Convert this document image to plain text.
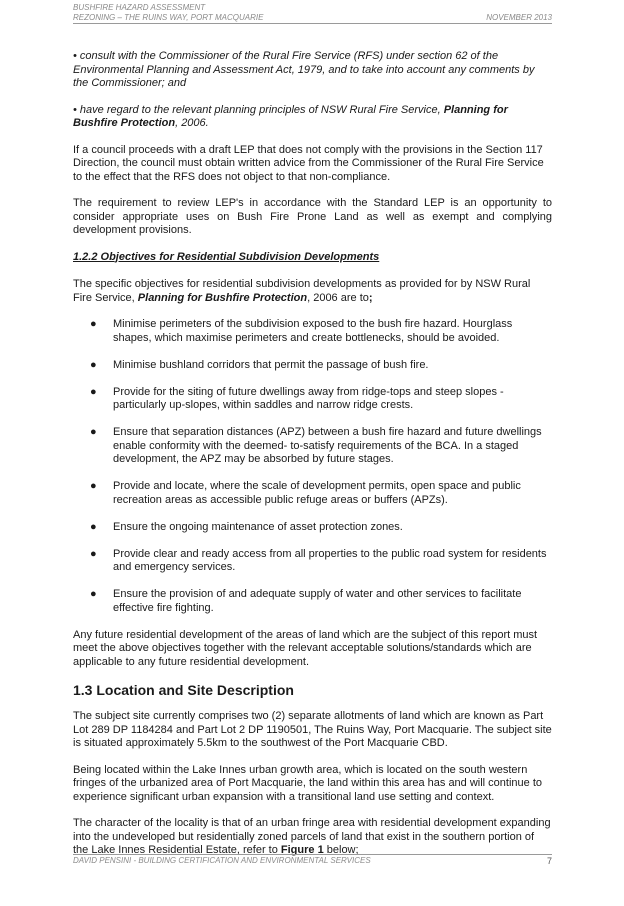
BUSHFIRE HAZARD ASSESSMENT
REZONING – THE RUINS WAY, PORT MACQUARIE	NOVEMBER 2013

• consult with the Commissioner of the Rural Fire Service (RFS) under section 62 of the Environmental Planning and Assessment Act, 1979, and to take into account any comments by the Commissioner; and

• have regard to the relevant planning principles of NSW Rural Fire Service, Planning for Bushfire Protection, 2006.

If a council proceeds with a draft LEP that does not comply with the provisions in the Section 117 Direction, the council must obtain written advice from the Commissioner of the Rural Fire Service to the effect that the RFS does not object to that non-compliance.

The requirement to review LEP's in accordance with the Standard LEP is an opportunity to consider appropriate uses on Bush Fire Prone Land as well as exempt and complying development provisions.

1.2.2 Objectives for Residential Subdivision Developments

The specific objectives for residential subdivision developments as provided for by NSW Rural Fire Service, Planning for Bushfire Protection, 2006 are to;

● Minimise perimeters of the subdivision exposed to the bush fire hazard. Hourglass shapes, which maximise perimeters and create bottlenecks, should be avoided.
● Minimise bushland corridors that permit the passage of bush fire.
● Provide for the siting of future dwellings away from ridge-tops and steep slopes - particularly up-slopes, within saddles and narrow ridge crests.
● Ensure that separation distances (APZ) between a bush fire hazard and future dwellings enable conformity with the deemed- to-satisfy requirements of the BCA. In a staged development, the APZ may be absorbed by future stages.
● Provide and locate, where the scale of development permits, open space and public recreation areas as accessible public refuge areas or buffers (APZs).
● Ensure the ongoing maintenance of asset protection zones.
● Provide clear and ready access from all properties to the public road system for residents and emergency services.
● Ensure the provision of and adequate supply of water and other services to facilitate effective fire fighting.

Any future residential development of the areas of land which are the subject of this report must meet the above objectives together with the relevant acceptable solutions/standards which are applicable to any future residential development.

1.3 Location and Site Description

The subject site currently comprises two (2) separate allotments of land which are known as Part Lot 289 DP 1184284 and Part Lot 2 DP 1190501, The Ruins Way, Port Macquarie. The subject site is situated approximately 5.5km to the southwest of the Port Macquarie CBD.

Being located within the Lake Innes urban growth area, which is located on the south western fringes of the urbanized area of Port Macquarie, the land within this area has and will continue to experience significant urban expansion with a transitional land use setting and context.

The character of the locality is that of an urban fringe area with residential development expanding into the undeveloped but residentially zoned parcels of land that exist in the southern portion of the Lake Innes Residential Estate, refer to Figure 1 below;

DAVID PENSINI - BUILDING CERTIFICATION AND ENVIRONMENTAL SERVICES	7
